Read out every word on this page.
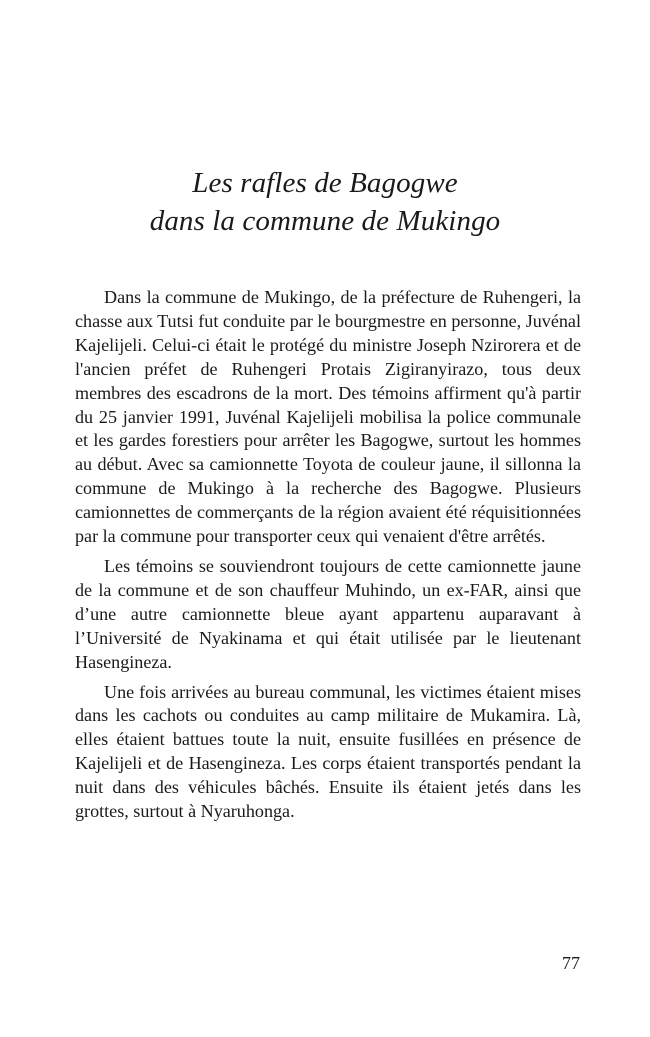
Les rafles de Bagogwe
dans la commune de Mukingo

Dans la commune de Mukingo, de la préfecture de Ruhengeri, la chasse aux Tutsi fut conduite par le bourgmestre en personne, Juvénal Kajelijeli. Celui-ci était le protégé du ministre Joseph Nzirorera et de l'ancien préfet de Ruhengeri Protais Zigiranyirazo, tous deux membres des escadrons de la mort. Des témoins affirment qu'à partir du 25 janvier 1991, Juvénal Kajelijeli mobilisa la police communale et les gardes forestiers pour arrêter les Bagogwe, surtout les hommes au début. Avec sa camionnette Toyota de couleur jaune, il sillonna la commune de Mukingo à la recherche des Bagogwe. Plusieurs camionnettes de commerçants de la région avaient été réquisitionnées par la commune pour transporter ceux qui venaient d'être arrêtés.

Les témoins se souviendront toujours de cette camionnette jaune de la commune et de son chauffeur Muhindo, un ex-FAR, ainsi que d’une autre camionnette bleue ayant appartenu auparavant à l’Université de Nyakinama et qui était utilisée par le lieutenant Hasengineza.

Une fois arrivées au bureau communal, les victimes étaient mises dans les cachots ou conduites au camp militaire de Mukamira. Là, elles étaient battues toute la nuit, ensuite fusillées en présence de Kajelijeli et de Hasengineza. Les corps étaient transportés pendant la nuit dans des véhicules bâchés. Ensuite ils étaient jetés dans les grottes, surtout à Nyaruhonga.

77
